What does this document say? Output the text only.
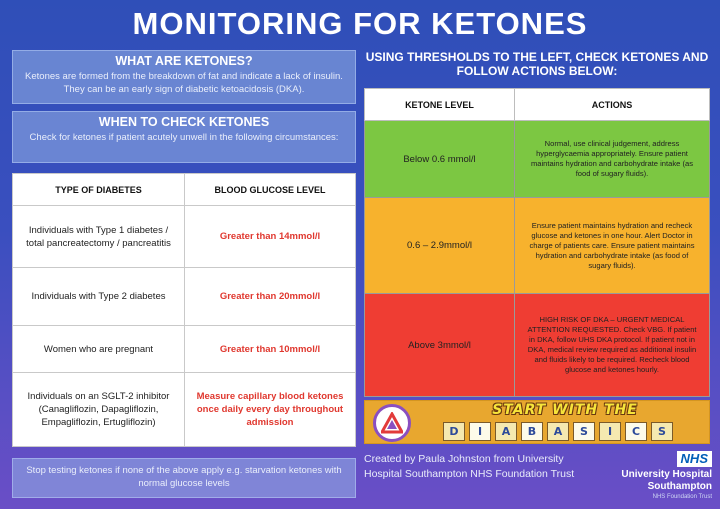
MONITORING FOR KETONES
WHAT ARE KETONES?

Ketones are formed from the breakdown of fat and indicate a lack of insulin. They can be an early sign of diabetic ketoacidosis (DKA).

WHEN TO CHECK KETONES

Check for ketones if patient acutely unwell in the following circumstances:

TYPE OF DIABETES	BLOOD GLUCOSE LEVEL
Individuals with Type 1 diabetes / total pancreatectomy / pancreatitis	Greater than 14mmol/l
Individuals with Type 2 diabetes	Greater than 20mmol/l
Women who are pregnant	Greater than 10mmol/l
Individuals on an SGLT-2 inhibitor (Canagliflozin, Dapagliflozin, Empagliflozin, Ertugliflozin)	Measure capillary blood ketones once daily every day throughout admission

Stop testing ketones if none of the above apply e.g. starvation ketones with normal glucose levels

USING THRESHOLDS TO THE LEFT, CHECK KETONES AND FOLLOW ACTIONS BELOW:
KETONE LEVEL	ACTIONS
Below 0.6 mmol/l	Normal, use clinical judgement, address hyperglycaemia appropriately. Ensure patient maintains hydration and carbohydrate intake (as food of sugary fluids).
0.6 – 2.9mmol/l	Ensure patient maintains hydration and recheck glucose and ketones in one hour. Alert Doctor in charge of patients care. Ensure patient maintains hydration and carbohydrate intake (as food of sugary fluids).
Above 3mmol/l	HIGH RISK OF DKA – URGENT MEDICAL ATTENTION REQUESTED. Check VBG. If patient in DKA, follow UHS DKA protocol. If patient not in DKA, medical review required as additional insulin and fluids likely to be required. Recheck blood glucose and ketones hourly.
START WITH THE
D	I	A	B	A	S	I	C	S
Created by Paula Johnston from University Hospital Southampton NHS Foundation Trust
NHS
University Hospital Southampton
NHS Foundation Trust
